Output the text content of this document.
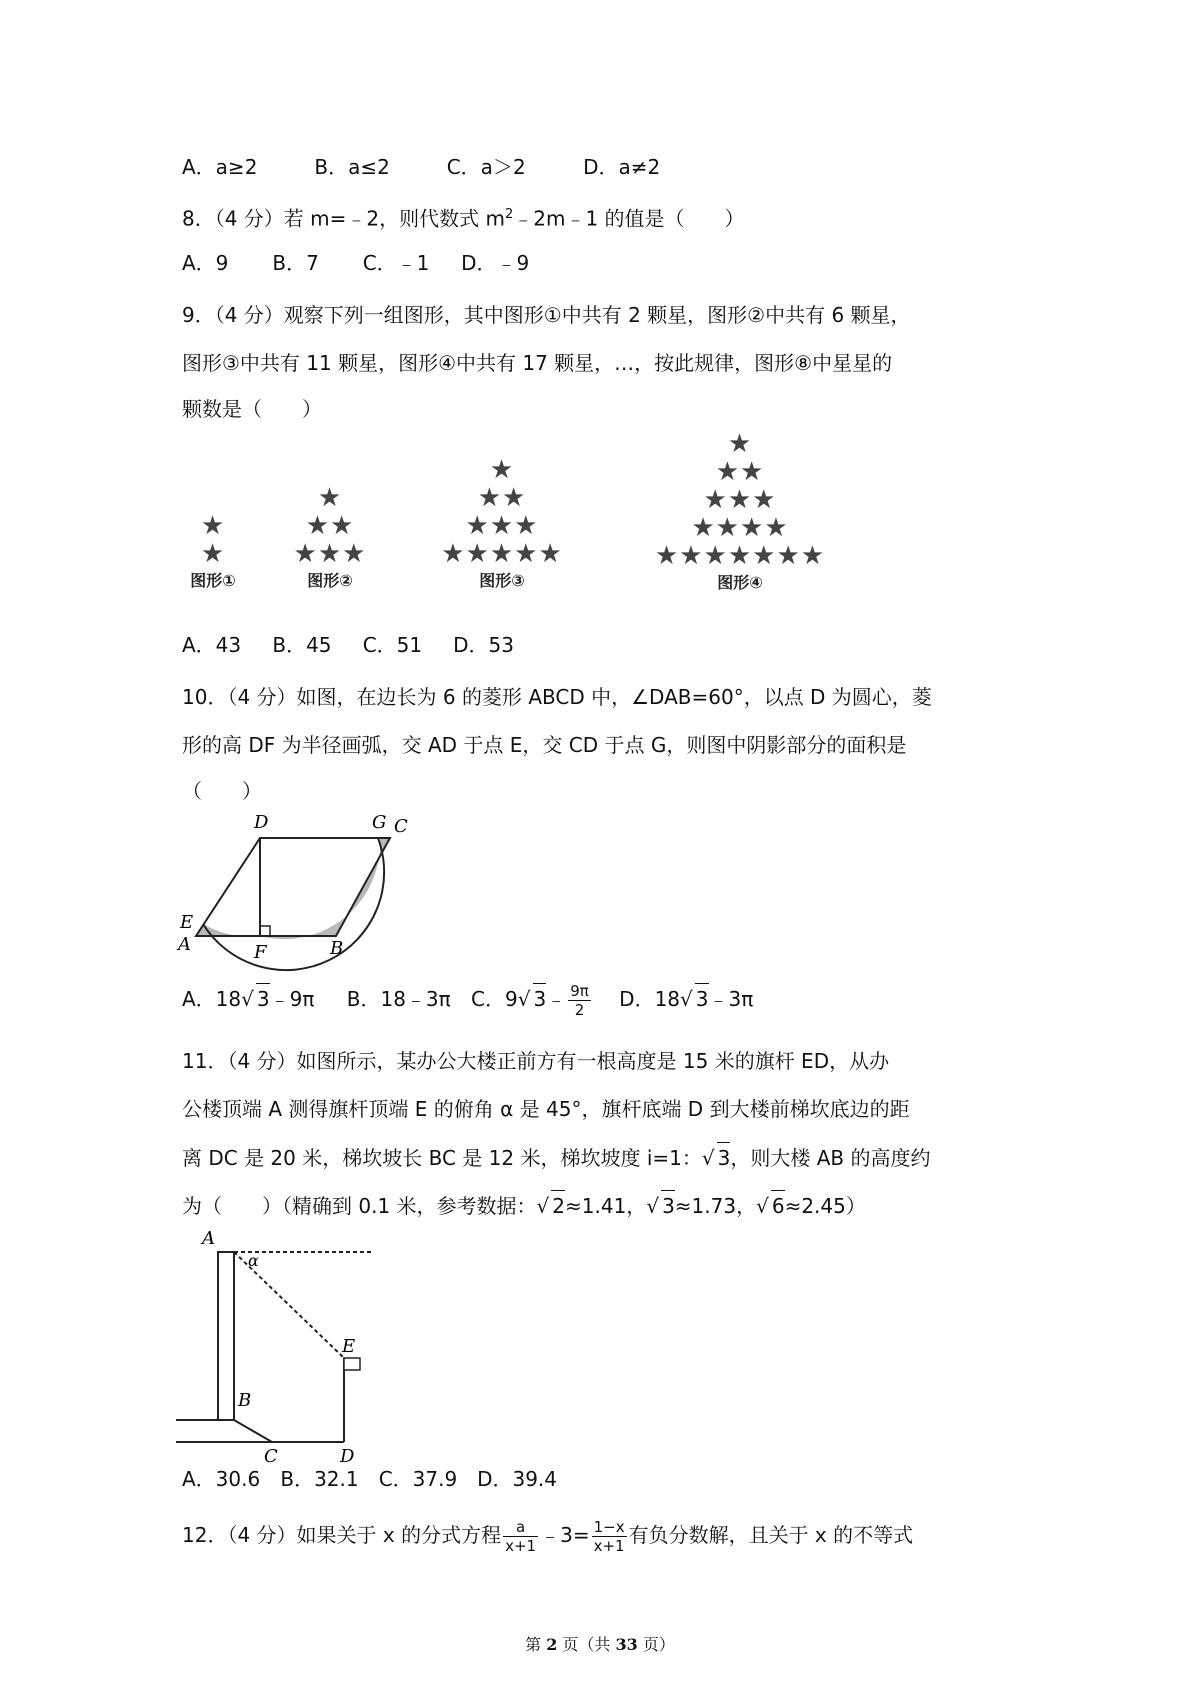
A．a≥2	B．a≤2	C．a＞2	D．a≠2
8．（4 分）若 m=﹣2，则代数式 $m^2﹣2m﹣1$ 的值是（　　）
A．9 B．7 C．﹣1 D．﹣9
9．（4 分）观察下列一组图形，其中图形①中共有 2 颗星，图形②中共有 6 颗星，
图形③中共有 11 颗星，图形④中共有 17 颗星，…，按此规律，图形⑧中星星的
颗数是（　　）
★
★
图形①
★
★★
★★★
图形②
★
★★
★★★
★★★★★
图形③
★
★★
★★★
★★★★
★★★★★★★
图形④
A．43 B．45 C．51 D．53
10．（4 分）如图，在边长为 6 的菱形 ABCD 中，∠DAB=60°，以点 D 为圆心，菱
形的高 DF 为半径画弧，交 AD 于点 E，交 CD 于点 G，则图中阴影部分的面积是
（　　）
D	G C
E
A	F	B
A．18√ 3﹣9π B．18﹣3π C．9√ 3﹣ $\frac{9\pi}{2}$ D．18√ 3﹣3π
11．（4 分）如图所示，某办公大楼正前方有一根高度是 15 米的旗杆 ED，从办
公楼顶端 A 测得旗杆顶端 E 的俯角 α 是 45°，旗杆底端 D 到大楼前梯坎底边的距
离 DC 是 20 米，梯坎坡长 BC 是 12 米，梯坎坡度 i=1：√ 3，则大楼 AB 的高度约
为（　　）（精确到 0.1 米，参考数据：√ 2≈1.41，√ 3≈1.73，√ 6≈2.45）
A
α
E
B
C	D
A．30.6 B．32.1 C．37.9 D．39.4
12．（4 分）如果关于 x 的分式方程 $\frac{a}{x+1}$ ﹣3= $\frac{1-x}{x+1}$ 有负分数解，且关于 x 的不等式
第 2 页（共 33 页）
